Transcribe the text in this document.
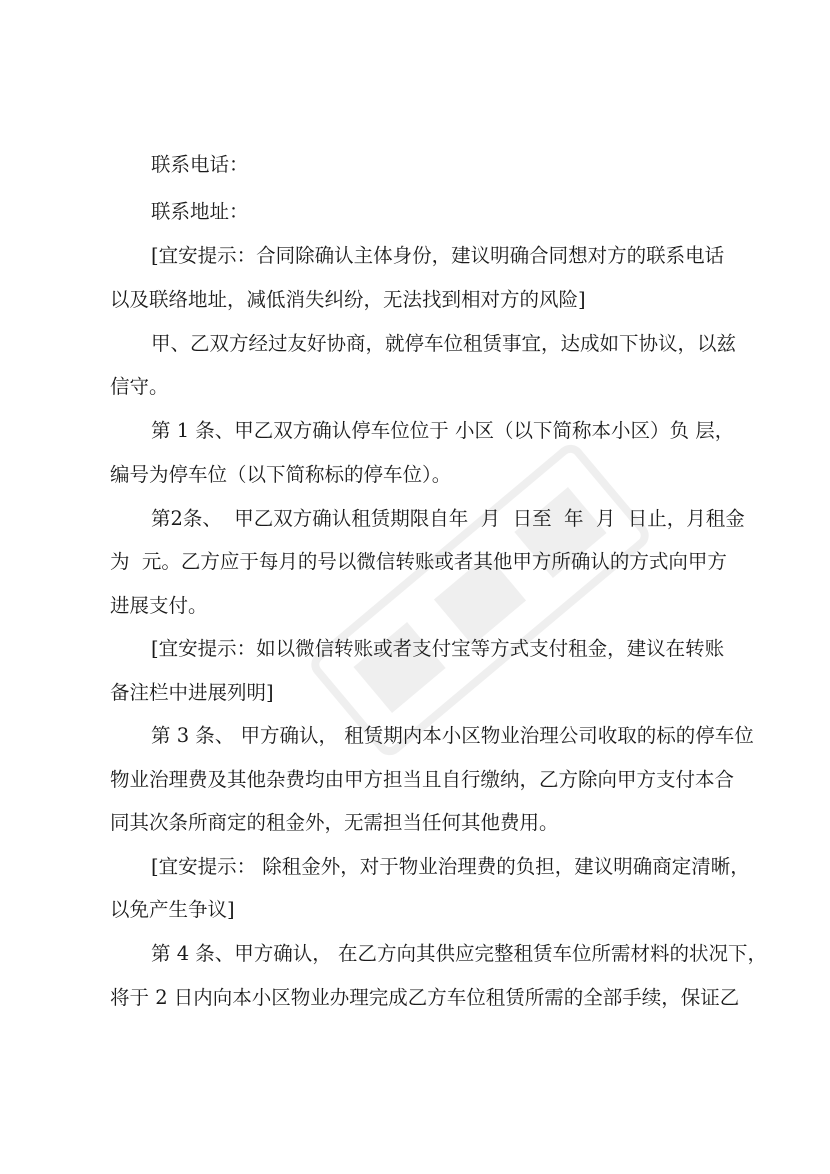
联系电话：
联系地址：
[宜安提示：合同除确认主体身份，建议明确合同想对方的联系电话
以及联络地址，减低消失纠纷，无法找到相对方的风险]
甲、乙双方经过友好协商，就停车位租赁事宜，达成如下协议，以兹
信守。
第 1 条、甲乙双方确认停车位位于 小区（以下简称本小区）负 层，
编号为停车位（以下简称标的停车位）。
第2条、  甲乙双方确认租赁期限自年  月  日至  年  月  日止，月租金
为  元。乙方应于每月的号以微信转账或者其他甲方所确认的方式向甲方
进展支付。
[宜安提示：如以微信转账或者支付宝等方式支付租金，建议在转账
备注栏中进展列明]
第 3 条、 甲方确认， 租赁期内本小区物业治理公司收取的标的停车位
物业治理费及其他杂费均由甲方担当且自行缴纳，乙方除向甲方支付本合
同其次条所商定的租金外，无需担当任何其他费用。
[宜安提示： 除租金外，对于物业治理费的负担，建议明确商定清晰，
以免产生争议]
第 4 条、甲方确认， 在乙方向其供应完整租赁车位所需材料的状况下，
将于 2 日内向本小区物业办理完成乙方车位租赁所需的全部手续，保证乙
